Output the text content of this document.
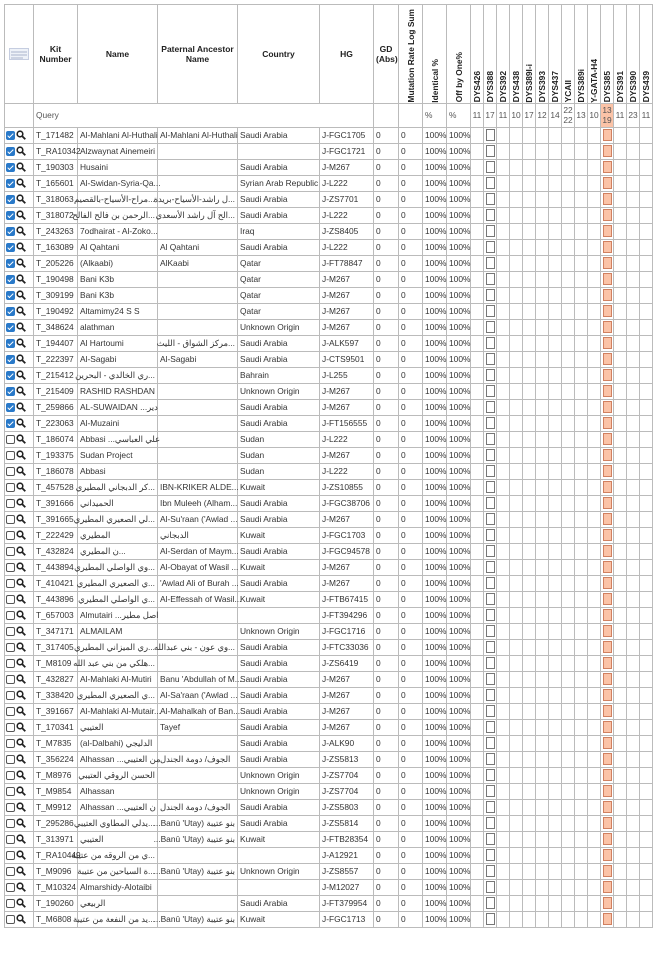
	Kit Number	Name	Paternal Ancestor Name	Country	HG	GD (Abs)	Mutation Rate Log Sum	Identical %	Off by One%	DYS426	DYS388	DYS392	DYS438	DYS389I-i	DYS393	DYS437	YCAII	DYS389i	Y-GATA-H4	DYS385	DYS391	DYS390	DYS439

	Query							%	%	11	17	11	10	17	12	14	22 22	13	10	13 19	11	23	11
	T_171482	Al-Mahlani Al-Huthali	Al-Mahlani Al-Huthali	Saudi Arabia	J-FGC1705	0	0	100%	100%		

	T_RA10342	Alzwaynat Ainemeiri			J-FGC1721	0	0	100%	100%		

	T_190303	Husaini		Saudi Arabia	J-M267	0	0	100%	100%		

	T_165601	Al-Swidan-Syria-Qa...		Syrian Arab Republic	J-L222	0	0	100%	100%		

	T_318063	...مراح-الأسياح-بالقصيم	...ل راشد-الأسياح-بريدة	Saudi Arabia	J-ZS7701	0	0	100%	100%		

	T_318072	...الرحمن بن فالح الفالح	...الح آل راشد الأسعدي	Saudi Arabia	J-L222	0	0	100%	100%		

	T_243263	7odhairat - Al-Zoko...		Iraq	J-ZS8405	0	0	100%	100%		

	T_163089	Al Qahtani	Al Qahtani	Saudi Arabia	J-L222	0	0	100%	100%		

	T_205226	(Alkaabi)	AlKaabi	Qatar	J-FT78847	0	0	100%	100%		

	T_190498	Bani K3b		Qatar	J-M267	0	0	100%	100%		

	T_309199	Bani K3b		Qatar	J-M267	0	0	100%	100%		

	T_190492	Altamimy24 S S		Qatar	J-M267	0	0	100%	100%		

	T_348624	alathman		Unknown Origin	J-M267	0	0	100%	100%		

	T_194407	Al Hartoumi	...مركز الشواق - الليث	Saudi Arabia	J-ALK597	0	0	100%	100%		

	T_222397	Al-Sagabi	Al-Sagabi	Saudi Arabia	J-CTS9501	0	0	100%	100%		

	T_215412	...ري الخالدي - البحرين		Bahrain	J-L255	0	0	100%	100%		

	T_215409	RASHID RASHDAN		Unknown Origin	J-M267	0	0	100%	100%		

	T_259866	AL-SUWAIDAN ...دير		Saudi Arabia	J-M267	0	0	100%	100%		

	T_223063	Al-Muzaini		Saudi Arabia	J-FT156555	0	0	100%	100%		

	T_186074	Abbasi ...علي العباسي		Sudan	J-L222	0	0	100%	100%		

	T_193375	Sudan Project		Sudan	J-M267	0	0	100%	100%		

	T_186078	Abbasi		Sudan	J-L222	0	0	100%	100%		

	T_457528	...كر الدبجاني المطيري	IBN-KRIKER ALDE...	Kuwait	J-ZS10855	0	0	100%	100%		

	T_391666	الحميداني	Ibn Muleeh (Alham...	Saudi Arabia	J-FGC38706	0	0	100%	100%		

	T_391665	...لي الصعيري المطيري	Al-Su'raan ('Awlad ...	Saudi Arabia	J-M267	0	0	100%	100%		

	T_222429	المطيري	الدبجاني	Kuwait	J-FGC1703	0	0	100%	100%		

	T_432824	...ن المطيري	Al-Serdan of Maym...	Saudi Arabia	J-FGC94578	0	0	100%	100%		

	T_443894	...وي الواصلي المطيري	Al-Obayat of Wasil ...	Kuwait	J-M267	0	0	100%	100%		

	T_410421	...ي الصعيري المطيري	'Awlad Ali of Burah ...	Saudi Arabia	J-M267	0	0	100%	100%		

	T_443896	...ي الواصلي المطيري	Al-Effessah of Wasil...	Kuwait	J-FTB67415	0	0	100%	100%		

	T_657003	Almutairi ...اصل مطير			J-FT394296	0	0	100%	100%		

	T_347171	ALMAILAM		Unknown Origin	J-FGC1716	0	0	100%	100%		

	T_317405	...ري الميزاني المطيري	...وي عون - بني عبدالله	Saudi Arabia	J-FTC33036	0	0	100%	100%		

	T_M8109	...هلكي من بني عبد الله		Saudi Arabia	J-ZS6419	0	0	100%	100%		

	T_432827	Al-Mahlaki Al-Mutiri	Banu 'Abdullah of M...	Saudi Arabia	J-M267	0	0	100%	100%		

	T_338420	...ي الصعيري المطيري	Al-Sa'raan ('Awlad ...	Saudi Arabia	J-M267	0	0	100%	100%		

	T_391667	Al-Mahlaki Al-Mutair...	Al-Mahalkah of Ban...	Saudi Arabia	J-M267	0	0	100%	100%		

	T_170341	العتيبي	Tayef	Saudi Arabia	J-M267	0	0	100%	100%		

	T_M7835	الدليجي (al-Dalbahi)		Saudi Arabia	J-ALK90	0	0	100%	100%		

	T_356224	Alhassan ...من العتيبي	الجوف/ دومة الجندل	Saudi Arabia	J-ZS5813	0	0	100%	100%		

	T_M8976	الحسن الروقي العتيبي		Unknown Origin	J-ZS7704	0	0	100%	100%		

	T_M9854	Alhassan		Unknown Origin	J-ZS7704	0	0	100%	100%		

	T_M9912	Alhassan ...ن العتيبي	الجوف/ دومة الجندل	Saudi Arabia	J-ZS5803	0	0	100%	100%		

	T_295286	...يدلي المطاوي العتيبي	بنو عتيبة (Banū 'Utay...	Saudi Arabia	J-ZS5814	0	0	100%	100%		

	T_313971	العتيبي	بنو عتيبة (Banū 'Utay...	Kuwait	J-FTB28354	0	0	100%	100%		

	T_RA10449	...ي من الروقه من عتيبة			J-A12921	0	0	100%	100%		

	T_M9096	...ة السياحين من عتيبة	بنو عتيبة (Banū 'Utay...	Unknown Origin	J-ZS8557	0	0	100%	100%		

	T_M10324	Almarshidy-Alotaibi			J-M12027	0	0	100%	100%		

	T_190260	الربيعي		Saudi Arabia	J-FT379954	0	0	100%	100%		

	T_M6808	...يد من النفعة من عتيبة	بنو عتيبة (Banū 'Utay...	Kuwait	J-FGC1713	0	0	100%	100%		
